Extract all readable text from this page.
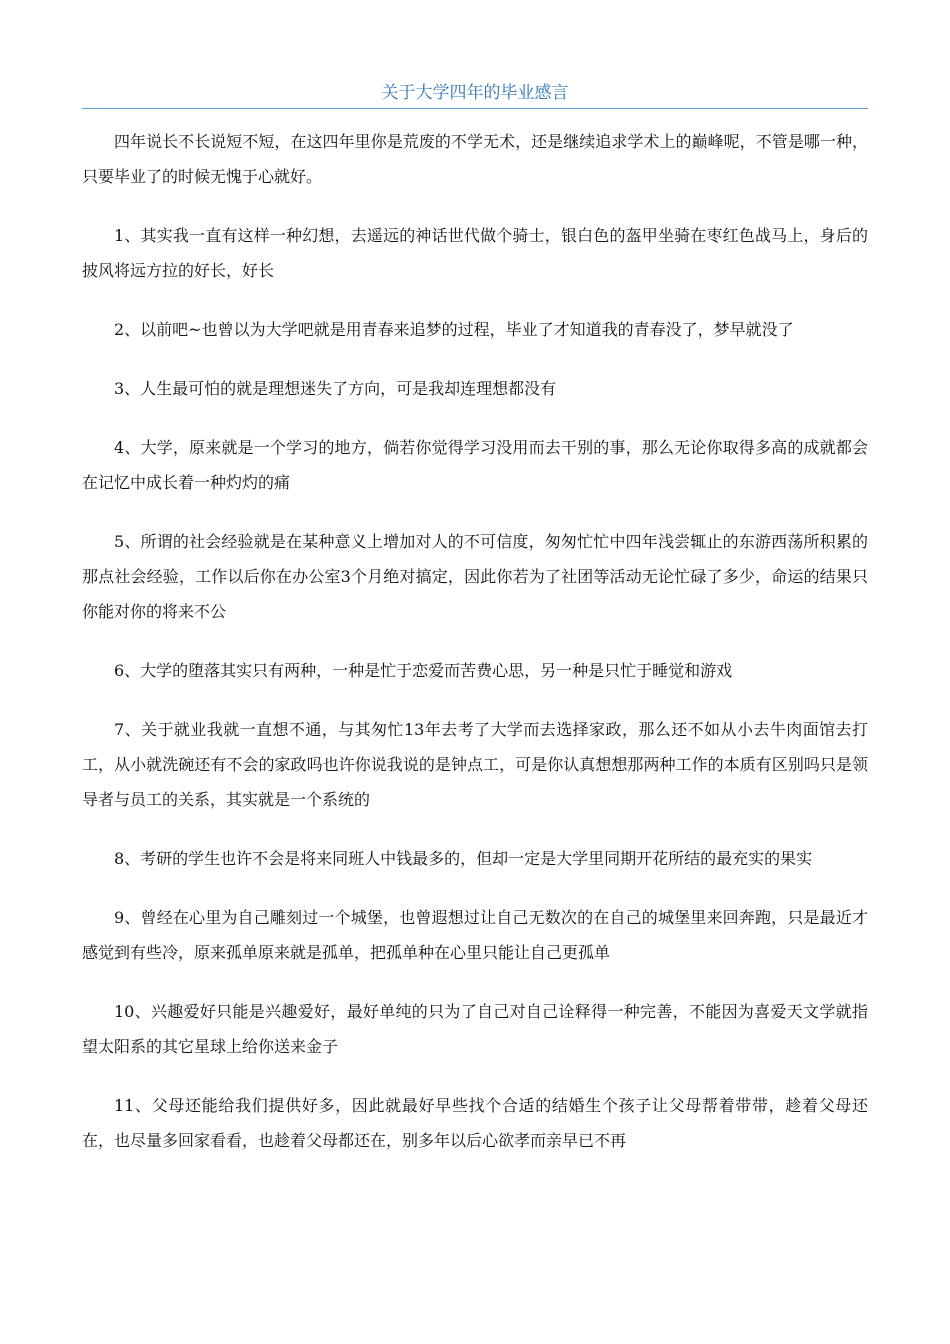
关于大学四年的毕业感言

四年说长不长说短不短，在这四年里你是荒废的不学无术，还是继续追求学术上的巅峰呢，不管是哪一种，只要毕业了的时候无愧于心就好。

1、其实我一直有这样一种幻想，去遥远的神话世代做个骑士，银白色的盔甲坐骑在枣红色战马上，身后的披风将远方拉的好长，好长

2、以前吧~也曾以为大学吧就是用青春来追梦的过程，毕业了才知道我的青春没了，梦早就没了

3、人生最可怕的就是理想迷失了方向，可是我却连理想都没有

4、大学，原来就是一个学习的地方，倘若你觉得学习没用而去干别的事，那么无论你取得多高的成就都会在记忆中成长着一种灼灼的痛

5、所谓的社会经验就是在某种意义上增加对人的不可信度，匆匆忙忙中四年浅尝辄止的东游西荡所积累的那点社会经验，工作以后你在办公室3个月绝对搞定，因此你若为了社团等活动无论忙碌了多少，命运的结果只你能对你的将来不公

6、大学的堕落其实只有两种，一种是忙于恋爱而苦费心思，另一种是只忙于睡觉和游戏

7、关于就业我就一直想不通，与其匆忙13年去考了大学而去选择家政，那么还不如从小去牛肉面馆去打工，从小就洗碗还有不会的家政吗也许你说我说的是钟点工，可是你认真想想那两种工作的本质有区别吗只是领导者与员工的关系，其实就是一个系统的

8、考研的学生也许不会是将来同班人中钱最多的，但却一定是大学里同期开花所结的最充实的果实

9、曾经在心里为自己雕刻过一个城堡，也曾遐想过让自己无数次的在自己的城堡里来回奔跑，只是最近才感觉到有些冷，原来孤单原来就是孤单，把孤单种在心里只能让自己更孤单

10、兴趣爱好只能是兴趣爱好，最好单纯的只为了自己对自己诠释得一种完善，不能因为喜爱天文学就指望太阳系的其它星球上给你送来金子

11、父母还能给我们提供好多，因此就最好早些找个合适的结婚生个孩子让父母帮着带带，趁着父母还在，也尽量多回家看看，也趁着父母都还在，别多年以后心欲孝而亲早已不再
